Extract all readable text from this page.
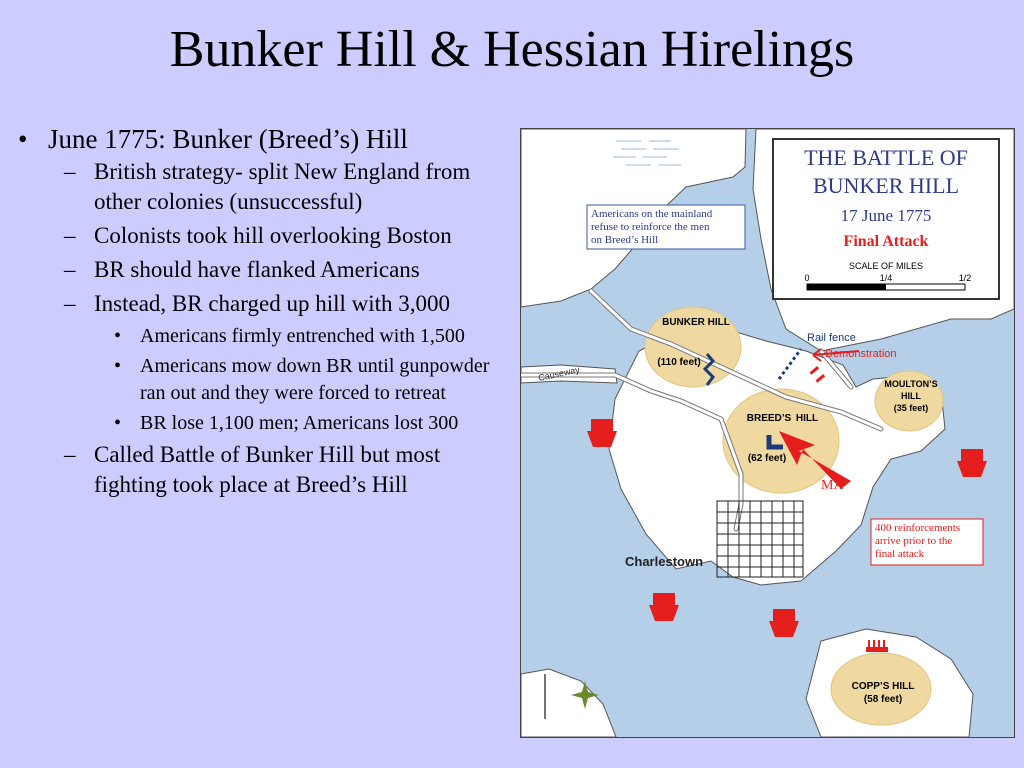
Bunker Hill & Hessian Hirelings
• June 1775: Bunker (Breed’s) Hill
– British strategy- split New England from other colonies (unsuccessful)
– Colonists took hill overlooking Boston
– BR should have flanked Americans
– Instead, BR charged up hill with 3,000
• Americans firmly entrenched with 1,500
• Americans mow down BR until gunpowder ran out and they were forced to retreat
• BR lose 1,100 men; Americans lost 300
– Called Battle of Bunker Hill but most fighting took place at Breed’s Hill
BUNKER HILL
(110 feet)
BREED’S HILL
(62 feet)
MOULTON’S
HILL
(35 feet)
COPP’S HILL
(58 feet)
Causeway
Rail fence
Demonstration
Charlestown
MA
Americans on the mainland
refuse to reinforce the men
on Breed’s Hill
400 reinforcements
arrive prior to the
final attack
THE BATTLE OF
BUNKER HILL
17 June 1775
Final Attack
SCALE OF MILES
0	1/4	1/2
